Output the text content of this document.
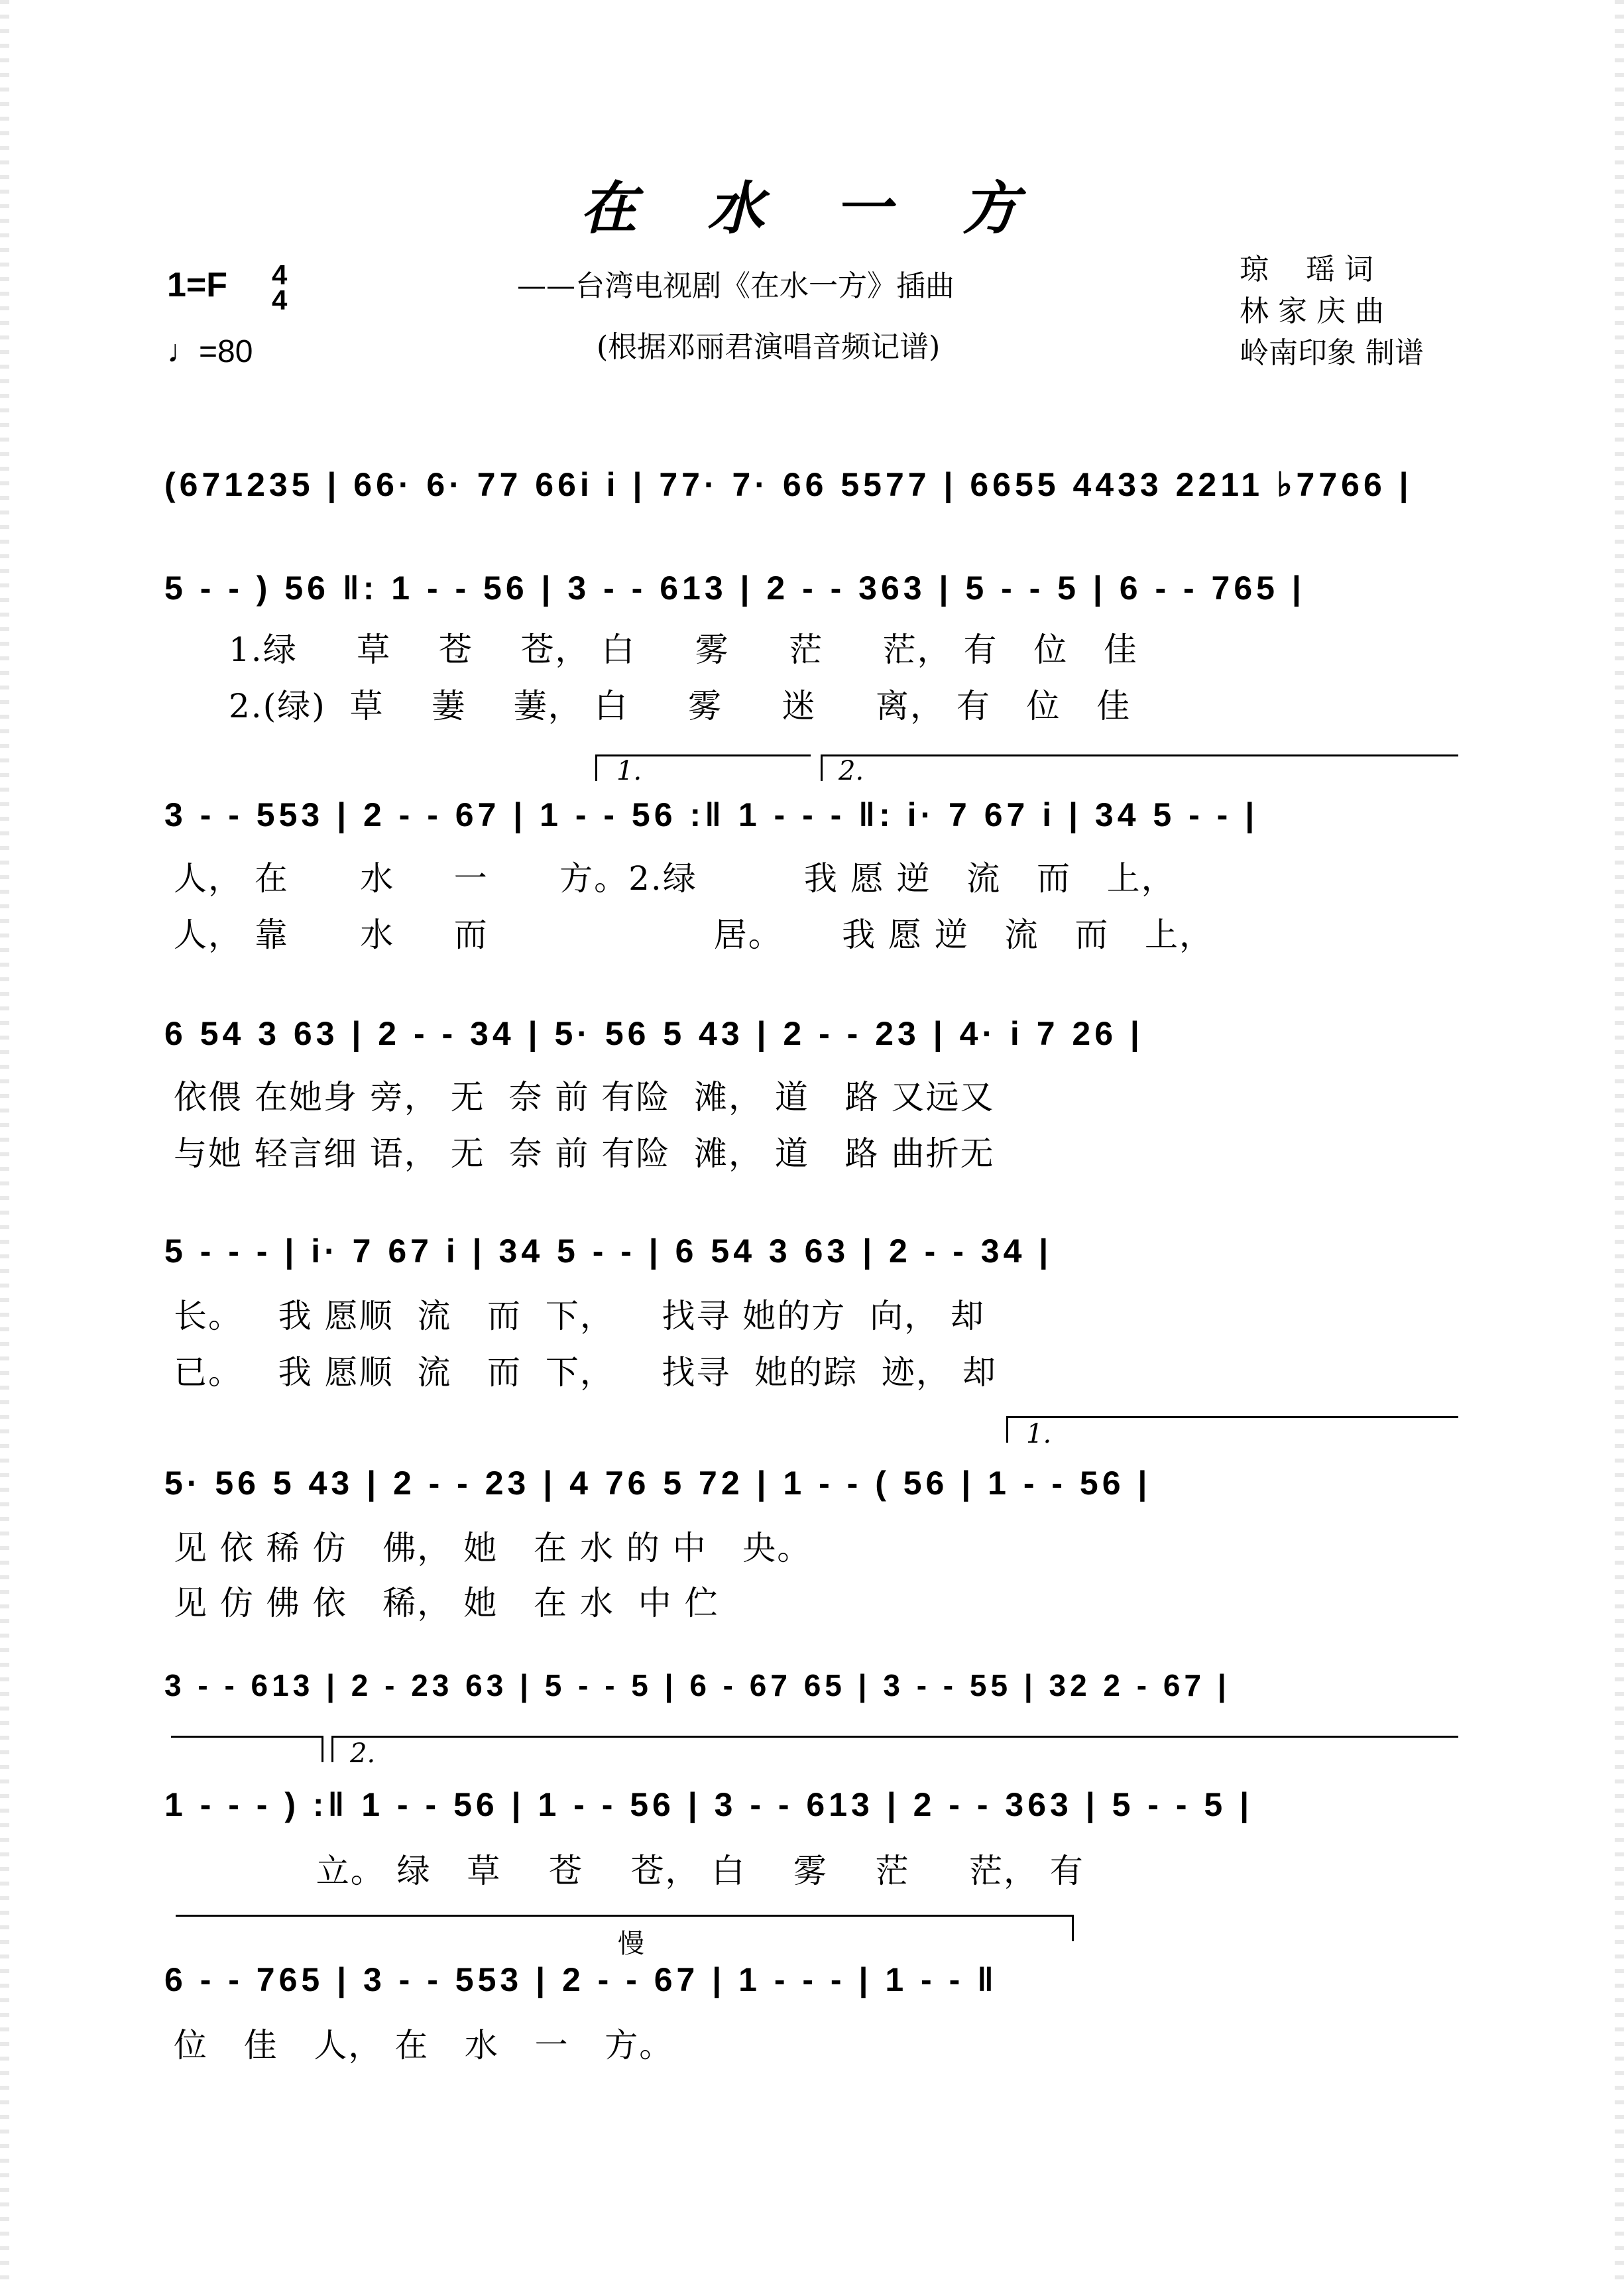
在 水 一 方
1=F 4
4
♩=80
——台湾电视剧《在水一方》插曲
(根据邓丽君演唱音频记谱)
琼    瑶 词
林 家 庆 曲
岭南印象 制谱
(671235 | 66· 6· 77 66i i | 77· 7· 66 5577 | 6655 4433 2211 ♭7766 |
5 - - ) 56 ‖: 1 - - 56 | 3 - - 613 | 2 - - 363 | 5 - - 5 | 6 - - 765 |
1.绿     草    苍    苍， 白     雾     茫     茫， 有   位   佳
2.(绿)  草    萋    萋， 白     雾     迷     离， 有   位   佳
1.	2.
3 - - 553 | 2 - - 67 | 1 - - 56 :‖ 1 - - - ‖: i· 7 67 i | 34 5 - - |
人， 在      水     一      方。2.绿         我 愿 逆   流   而   上，
人， 靠      水     而                   居。     我 愿 逆   流   而   上，
6 54 3 63 | 2 - - 34 | 5· 56 5 43 | 2 - - 23 | 4· i 7 26 |
依偎 在她身 旁， 无  奈 前 有险  滩， 道   路 又远又
与她 轻言细 语， 无  奈 前 有险  滩， 道   路 曲折无
5 - - - | i· 7 67 i | 34 5 - - | 6 54 3 63 | 2 - - 34 |
长。   我 愿顺  流   而  下，    找寻 她的方  向， 却
已。   我 愿顺  流   而  下，    找寻  她的踪  迹， 却
1.
5· 56 5 43 | 2 - - 23 | 4 76 5 72 | 1 - - ( 56 | 1 - - 56 |
见 依 稀 仿   佛， 她   在 水 的 中   央。
见 仿 佛 依   稀， 她   在 水  中 伫
3 - - 613 | 2 - 23 63 | 5 - - 5 | 6 - 67 65 | 3 - - 55 | 32 2 - 67 |
2.
1 - - - ) :‖ 1 - - 56 | 1 - - 56 | 3 - - 613 | 2 - - 363 | 5 - - 5 |
立。 绿   草    苍    苍， 白    雾    茫     茫， 有
慢
6 - - 765 | 3 - - 553 | 2 - - 67 | 1 - - - | 1 - - ‖
位   佳   人， 在   水   一   方。
